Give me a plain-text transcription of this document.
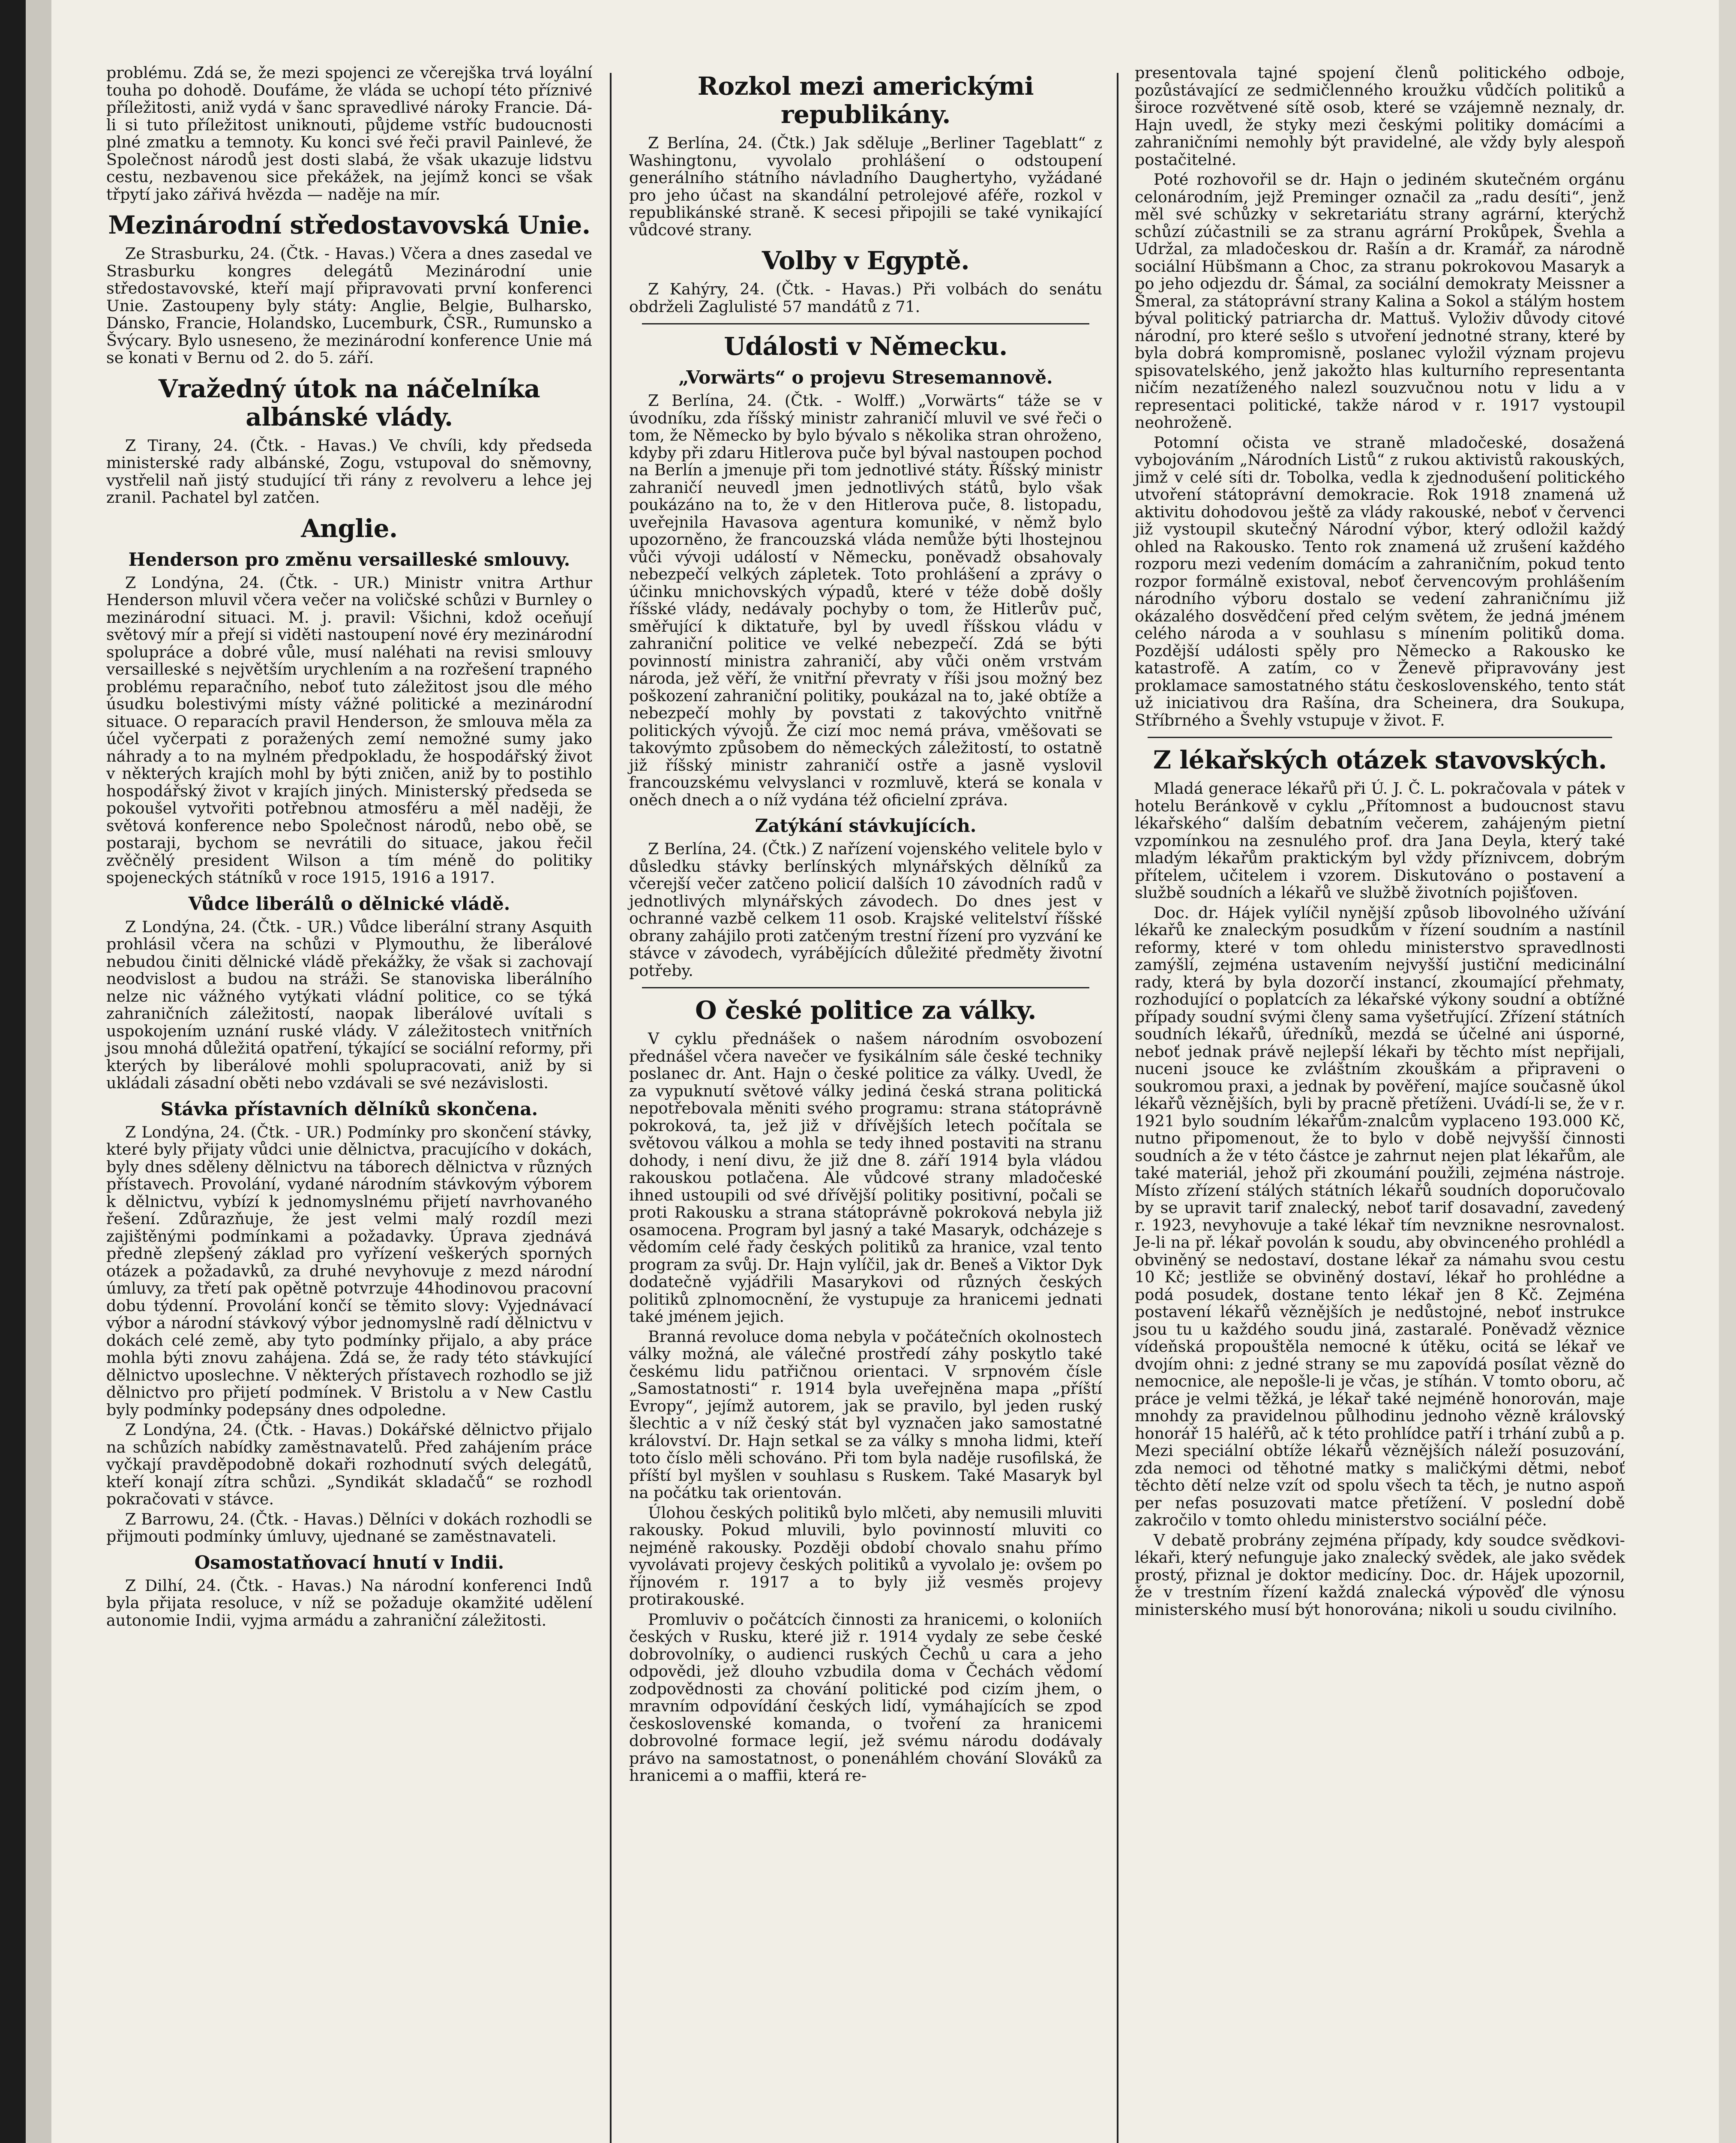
problému. Zdá se, že mezi spojenci ze včerejška trvá loyální touha po dohodě. Doufáme, že vláda se uchopí této příznivé příležitosti, aniž vydá v šanc spravedlivé nároky Francie. Dá-li si tuto příležitost uniknouti, půjdeme vstříc budoucnosti plné zmatku a temnoty. Ku konci své řeči pravil Painlevé, že Společnost národů jest dosti slabá, že však ukazuje lidstvu cestu, nezbavenou sice překážek, na jejímž konci se však třpytí jako zářivá hvězda — naděje na mír.

Mezinárodní středostavovská Unie.

Ze Strasburku, 24. (Čtk. - Havas.) Včera a dnes zasedal ve Strasburku kongres delegátů Mezinárodní unie středostavovské, kteří mají připravovati první konferenci Unie. Zastoupeny byly státy: Anglie, Belgie, Bulharsko, Dánsko, Francie, Holandsko, Lucemburk, ČSR., Rumunsko a Švýcary. Bylo usneseno, že mezinárodní konference Unie má se konati v Bernu od 2. do 5. září.

Vražedný útok na náčelníka albánské vlády.

Z Tirany, 24. (Čtk. - Havas.) Ve chvíli, kdy předseda ministerské rady albánské, Zogu, vstupoval do sněmovny, vystřelil naň jistý studující tři rány z revolveru a lehce jej zranil. Pachatel byl zatčen.

Anglie.
Henderson pro změnu versailleské smlouvy.

Z Londýna, 24. (Čtk. - UR.) Ministr vnitra Arthur Henderson mluvil včera večer na voličské schůzi v Burnley o mezinárodní situaci. M. j. pravil: Všichni, kdož oceňují světový mír a přejí si viděti nastoupení nové éry mezinárodní spolupráce a dobré vůle, musí naléhati na revisi smlouvy versailleské s největším urychlením a na rozřešení trapného problému reparačního, neboť tuto záležitost jsou dle mého úsudku bolestivými místy vážné politické a mezinárodní situace. O reparacích pravil Henderson, že smlouva měla za účel vyčerpati z poražených zemí nemožné sumy jako náhrady a to na mylném předpokladu, že hospodářský život v některých krajích mohl by býti zničen, aniž by to postihlo hospodářský život v krajích jiných. Ministerský předseda se pokoušel vytvořiti potřebnou atmosféru a měl naději, že světová konference nebo Společnost národů, nebo obě, se postaraji, bychom se nevrátili do situace, jakou řečil zvěčnělý president Wilson a tím méně do politiky spojeneckých státníků v roce 1915, 1916 a 1917.

Vůdce liberálů o dělnické vládě.

Z Londýna, 24. (Čtk. - UR.) Vůdce liberální strany Asquith prohlásil včera na schůzi v Plymouthu, že liberálové nebudou činiti dělnické vládě překážky, že však si zachovají neodvislost a budou na stráži. Se stanoviska liberálního nelze nic vážného vytýkati vládní politice, co se týká zahraničních záležitostí, naopak liberálové uvítali s uspokojením uznání ruské vlády. V záležitostech vnitřních jsou mnohá důležitá opatření, týkající se sociální reformy, při kterých by liberálové mohli spolupracovati, aniž by si ukládali zásadní oběti nebo vzdávali se své nezávislosti.

Stávka přístavních dělníků skončena.

Z Londýna, 24. (Čtk. - UR.) Podmínky pro skončení stávky, které byly přijaty vůdci unie dělnictva, pracujícího v dokách, byly dnes sděleny dělnictvu na táborech dělnictva v různých přístavech. Provolání, vydané národním stávkovým výborem k dělnictvu, vybízí k jednomyslnému přijetí navrhovaného řešení. Zdůrazňuje, že jest velmi malý rozdíl mezi zajištěnými podmínkami a požadavky. Úprava zjednává předně zlepšený základ pro vyřízení veškerých sporných otázek a požadavků, za druhé nevyhovuje z mezd národní úmluvy, za třetí pak opětně potvrzuje 44hodinovou pracovní dobu týdenní. Provolání končí se těmito slovy: Vyjednávací výbor a národní stávkový výbor jednomyslně radí dělnictvu v dokách celé země, aby tyto podmínky přijalo, a aby práce mohla býti znovu zahájena. Zdá se, že rady této stávkující dělnictvo uposlechne. V některých přístavech rozhodlo se již dělnictvo pro přijetí podmínek. V Bristolu a v New Castlu byly podmínky podepsány dnes odpoledne.

Z Londýna, 24. (Čtk. - Havas.) Dokářské dělnictvo přijalo na schůzích nabídky zaměstnavatelů. Před zahájením práce vyčkají pravděpodobně dokaři rozhodnutí svých delegátů, kteří konají zítra schůzi. „Syndikát skladačů“ se rozhodl pokračovati v stávce.

Z Barrowu, 24. (Čtk. - Havas.) Dělníci v dokách rozhodli se přijmouti podmínky úmluvy, ujednané se zaměstnavateli.

Osamostatňovací hnutí v Indii.

Z Dilhí, 24. (Čtk. - Havas.) Na národní konferenci Indů byla přijata resoluce, v níž se požaduje okamžité udělení autonomie Indii, vyjma armádu a zahraniční záležitosti.

Rozkol mezi americkými republikány.

Z Berlína, 24. (Čtk.) Jak sděluje „Berliner Tageblatt“ z Washingtonu, vyvolalo prohlášení o odstoupení generálního státního návladního Daughertyho, vyžádané pro jeho účast na skandální petrolejové aféře, rozkol v republikánské straně. K secesi připojili se také vynikající vůdcové strany.

Volby v Egyptě.

Z Kahýry, 24. (Čtk. - Havas.) Při volbách do senátu obdrželi Zaglulisté 57 mandátů z 71.

Události v Německu.
„Vorwärts“ o projevu Stresemannově.

Z Berlína, 24. (Čtk. - Wolff.) „Vorwärts“ táže se v úvodníku, zda říšský ministr zahraničí mluvil ve své řeči o tom, že Německo by bylo bývalo s několika stran ohroženo, kdyby při zdaru Hitlerova puče byl býval nastoupen pochod na Berlín a jmenuje při tom jednotlivé státy. Říšský ministr zahraničí neuvedl jmen jednotlivých států, bylo však poukázáno na to, že v den Hitlerova puče, 8. listopadu, uveřejnila Havasova agentura komuniké, v němž bylo upozorněno, že francouzská vláda nemůže býti lhostejnou vůči vývoji událostí v Německu, poněvadž obsahovaly nebezpečí velkých zápletek. Toto prohlášení a zprávy o účinku mnichovských výpadů, které v téže době došly říšské vlády, nedávaly pochyby o tom, že Hitlerův puč, směřující k diktatuře, byl by uvedl říšskou vládu v zahraniční politice ve velké nebezpečí. Zdá se býti povinností ministra zahraničí, aby vůči oněm vrstvám národa, jež věří, že vnitřní převraty v říši jsou možný bez poškození zahraniční politiky, poukázal na to, jaké obtíže a nebezpečí mohly by povstati z takovýchto vnitřně politických vývojů. Že cizí moc nemá práva, vměšovati se takovýmto způsobem do německých záležitostí, to ostatně již říšský ministr zahraničí ostře a jasně vyslovil francouzskému velvyslanci v rozmluvě, která se konala v oněch dnech a o níž vydána též oficielní zpráva.

Zatýkání stávkujících.

Z Berlína, 24. (Čtk.) Z nařízení vojenského velitele bylo v důsledku stávky berlínských mlynářských dělníků za včerejší večer zatčeno policií dalších 10 závodních radů v jednotlivých mlynářských závodech. Do dnes jest v ochranné vazbě celkem 11 osob. Krajské velitelství říšské obrany zahájilo proti zatčeným trestní řízení pro vyzvání ke stávce v závodech, vyrábějících důležité předměty životní potřeby.

O české politice za války.

V cyklu přednášek o našem národním osvobození přednášel včera navečer ve fysikálním sále české techniky poslanec dr. Ant. Hajn o české politice za války. Uvedl, že za vypuknutí světové války jediná česká strana politická nepotřebovala měniti svého programu: strana státoprávně pokroková, ta, jež již v dřívějších letech počítala se světovou válkou a mohla se tedy ihned postaviti na stranu dohody, i není divu, že již dne 8. září 1914 byla vládou rakouskou potlačena. Ale vůdcové strany mladočeské ihned ustoupili od své dřívější politiky positivní, počali se proti Rakousku a strana státoprávně pokroková nebyla již osamocena. Program byl jasný a také Masaryk, odcházeje s vědomím celé řady českých politiků za hranice, vzal tento program za svůj. Dr. Hajn vylíčil, jak dr. Beneš a Viktor Dyk dodatečně vyjádřili Masarykovi od různých českých politiků zplnomocnění, že vystupuje za hranicemi jednati také jménem jejich.

Branná revoluce doma nebyla v počátečních okolnostech války možná, ale válečné prostředí záhy poskytlo také českému lidu patřičnou orientaci. V srpnovém čísle „Samostatnosti“ r. 1914 byla uveřejněna mapa „příští Evropy“, jejímž autorem, jak se pravilo, byl jeden ruský šlechtic a v níž český stát byl vyznačen jako samostatné království. Dr. Hajn setkal se za války s mnoha lidmi, kteří toto číslo měli schováno. Při tom byla naděje rusofilská, že příští byl myšlen v souhlasu s Ruskem. Také Masaryk byl na počátku tak orientován.

Úlohou českých politiků bylo mlčeti, aby nemusili mluviti rakousky. Pokud mluvili, bylo povinností mluviti co nejméně rakousky. Později období chovalo snahu přímo vyvolávati projevy českých politiků a vyvolalo je: ovšem po říjnovém r. 1917 a to byly již vesměs projevy protirakouské.

Promluviv o počátcích činnosti za hranicemi, o koloniích českých v Rusku, které již r. 1914 vydaly ze sebe české dobrovolníky, o audienci ruských Čechů u cara a jeho odpovědi, jež dlouho vzbudila doma v Čechách vědomí zodpovědnosti za chování politické pod cizím jhem, o mravním odpovídání českých lidí, vymáhajících se zpod československé komanda, o tvoření za hranicemi dobrovolné formace legií, jež svému národu dodávaly právo na samostatnost, o ponenáhlém chování Slováků za hranicemi a o maffii, která re-

presentovala tajné spojení členů politického odboje, pozůstávající ze sedmičlenného kroužku vůdčích politiků a široce rozvětvené sítě osob, které se vzájemně neznaly, dr. Hajn uvedl, že styky mezi českými politiky domácími a zahraničními nemohly být pravidelné, ale vždy byly alespoň postačitelné.

Poté rozhovořil se dr. Hajn o jediném skutečném orgánu celonárodním, jejž Preminger označil za „radu desíti“, jenž měl své schůzky v sekretariátu strany agrární, kterýchž schůzí zúčastnili se za stranu agrární Prokůpek, Švehla a Udržal, za mladočeskou dr. Rašín a dr. Kramář, za národně sociální Hübšmann a Choc, za stranu pokrokovou Masaryk a po jeho odjezdu dr. Šámal, za sociální demokraty Meissner a Šmeral, za státoprávní strany Kalina a Sokol a stálým hostem býval politický patriarcha dr. Mattuš. Vyloživ důvody citové národní, pro které sešlo s utvoření jednotné strany, které by byla dobrá kompromisně, poslanec vyložil význam projevu spisovatelského, jenž jakožto hlas kulturního representanta ničím nezatíženého nalezl souzvučnou notu v lidu a v representaci politické, takže národ v r. 1917 vystoupil neohroženě.

Potomní očista ve straně mladočeské, dosažená vybojováním „Národních Listů“ z rukou aktivistů rakouských, jimž v celé síti dr. Tobolka, vedla k zjednodušení politického utvoření státoprávní demokracie. Rok 1918 znamená už aktivitu dohodovou ještě za vlády rakouské, neboť v červenci již vystoupil skutečný Národní výbor, který odložil každý ohled na Rakousko. Tento rok znamená už zrušení každého rozporu mezi vedením domácím a zahraničním, pokud tento rozpor formálně existoval, neboť červencovým prohlášením národního výboru dostalo se vedení zahraničnímu již okázalého dosvědčení před celým světem, že jedná jménem celého národa a v souhlasu s mínením politiků doma. Pozdější události spěly pro Německo a Rakousko ke katastrofě. A zatím, co v Ženevě připravovány jest proklamace samostatného státu československého, tento stát už iniciativou dra Rašína, dra Scheinera, dra Soukupa, Stříbrného a Švehly vstupuje v život. F.

Z lékařských otázek stavovských.

Mladá generace lékařů při Ú. J. Č. L. pokračovala v pátek v hotelu Beránkově v cyklu „Přítomnost a budoucnost stavu lékařského“ dalším debatním večerem, zahájeným pietní vzpomínkou na zesnulého prof. dra Jana Deyla, který také mladým lékařům praktickým byl vždy příznivcem, dobrým přítelem, učitelem i vzorem. Diskutováno o postavení a službě soudních a lékařů ve službě životních pojišťoven.

Doc. dr. Hájek vylíčil nynější způsob libovolného užívání lékařů ke znaleckým posudkům v řízení soudním a nastínil reformy, které v tom ohledu ministerstvo spravedlnosti zamýšlí, zejména ustavením nejvyšší justiční medicinální rady, která by byla dozorčí instancí, zkoumající přehmaty, rozhodující o poplatcích za lékařské výkony soudní a obtížné případy soudní svými členy sama vyšetřující. Zřízení státních soudních lékařů, úředníků, mezdá se účelné ani úsporné, neboť jednak právě nejlepší lékaři by těchto míst nepřijali, nuceni jsouce ke zvláštním zkouškám a připraveni o soukromou praxi, a jednak by pověření, majíce současně úkol lékařů věznějších, byli by pracně přetíženi. Uvádí-li se, že v r. 1921 bylo soudním lékařům-znalcům vyplaceno 193.000 Kč, nutno připomenout, že to bylo v době nejvyšší činnosti soudních a že v této částce je zahrnut nejen plat lékařům, ale také materiál, jehož při zkoumání použili, zejména nástroje. Místo zřízení stálých státních lékařů soudních doporučovalo by se upravit tarif znalecký, neboť tarif dosavadní, zavedený r. 1923, nevyhovuje a také lékař tím nevznikne nesrovnalost. Je-li na př. lékař povolán k soudu, aby obvinceného prohlédl a obviněný se nedostaví, dostane lékař za námahu svou cestu 10 Kč; jestliže se obviněný dostaví, lékař ho prohlédne a podá posudek, dostane tento lékař jen 8 Kč. Zejména postavení lékařů věznějších je nedůstojné, neboť instrukce jsou tu u každého soudu jiná, zastaralé. Poněvadž věznice vídeňská propouštěla nemocné k útěku, ocitá se lékař ve dvojím ohni: z jedné strany se mu zapovídá posílat vězně do nemocnice, ale nepošle-li je včas, je stíhán. V tomto oboru, ač práce je velmi těžká, je lékař také nejméně honorován, maje mnohdy za pravidelnou půlhodinu jednoho vězně královský honorář 15 haléřů, ač k této prohlídce patří i trhání zubů a p. Mezi speciální obtíže lékařů věznějších náleží posuzování, zda nemoci od těhotné matky s maličkými dětmi, neboť těchto dětí nelze vzít od spolu všech ta těch, je nutno aspoň per nefas posuzovati matce přetížení. V poslední době zakročilo v tomto ohledu ministerstvo sociální péče.

V debatě probrány zejména případy, kdy soudce svědkovi-lékaři, který nefunguje jako znalecký svědek, ale jako svědek prostý, přiznal je doktor medicíny. Doc. dr. Hájek upozornil, že v trestním řízení každá znalecká výpověď dle výnosu ministerského musí být honorována; nikoli u soudu civilního.
